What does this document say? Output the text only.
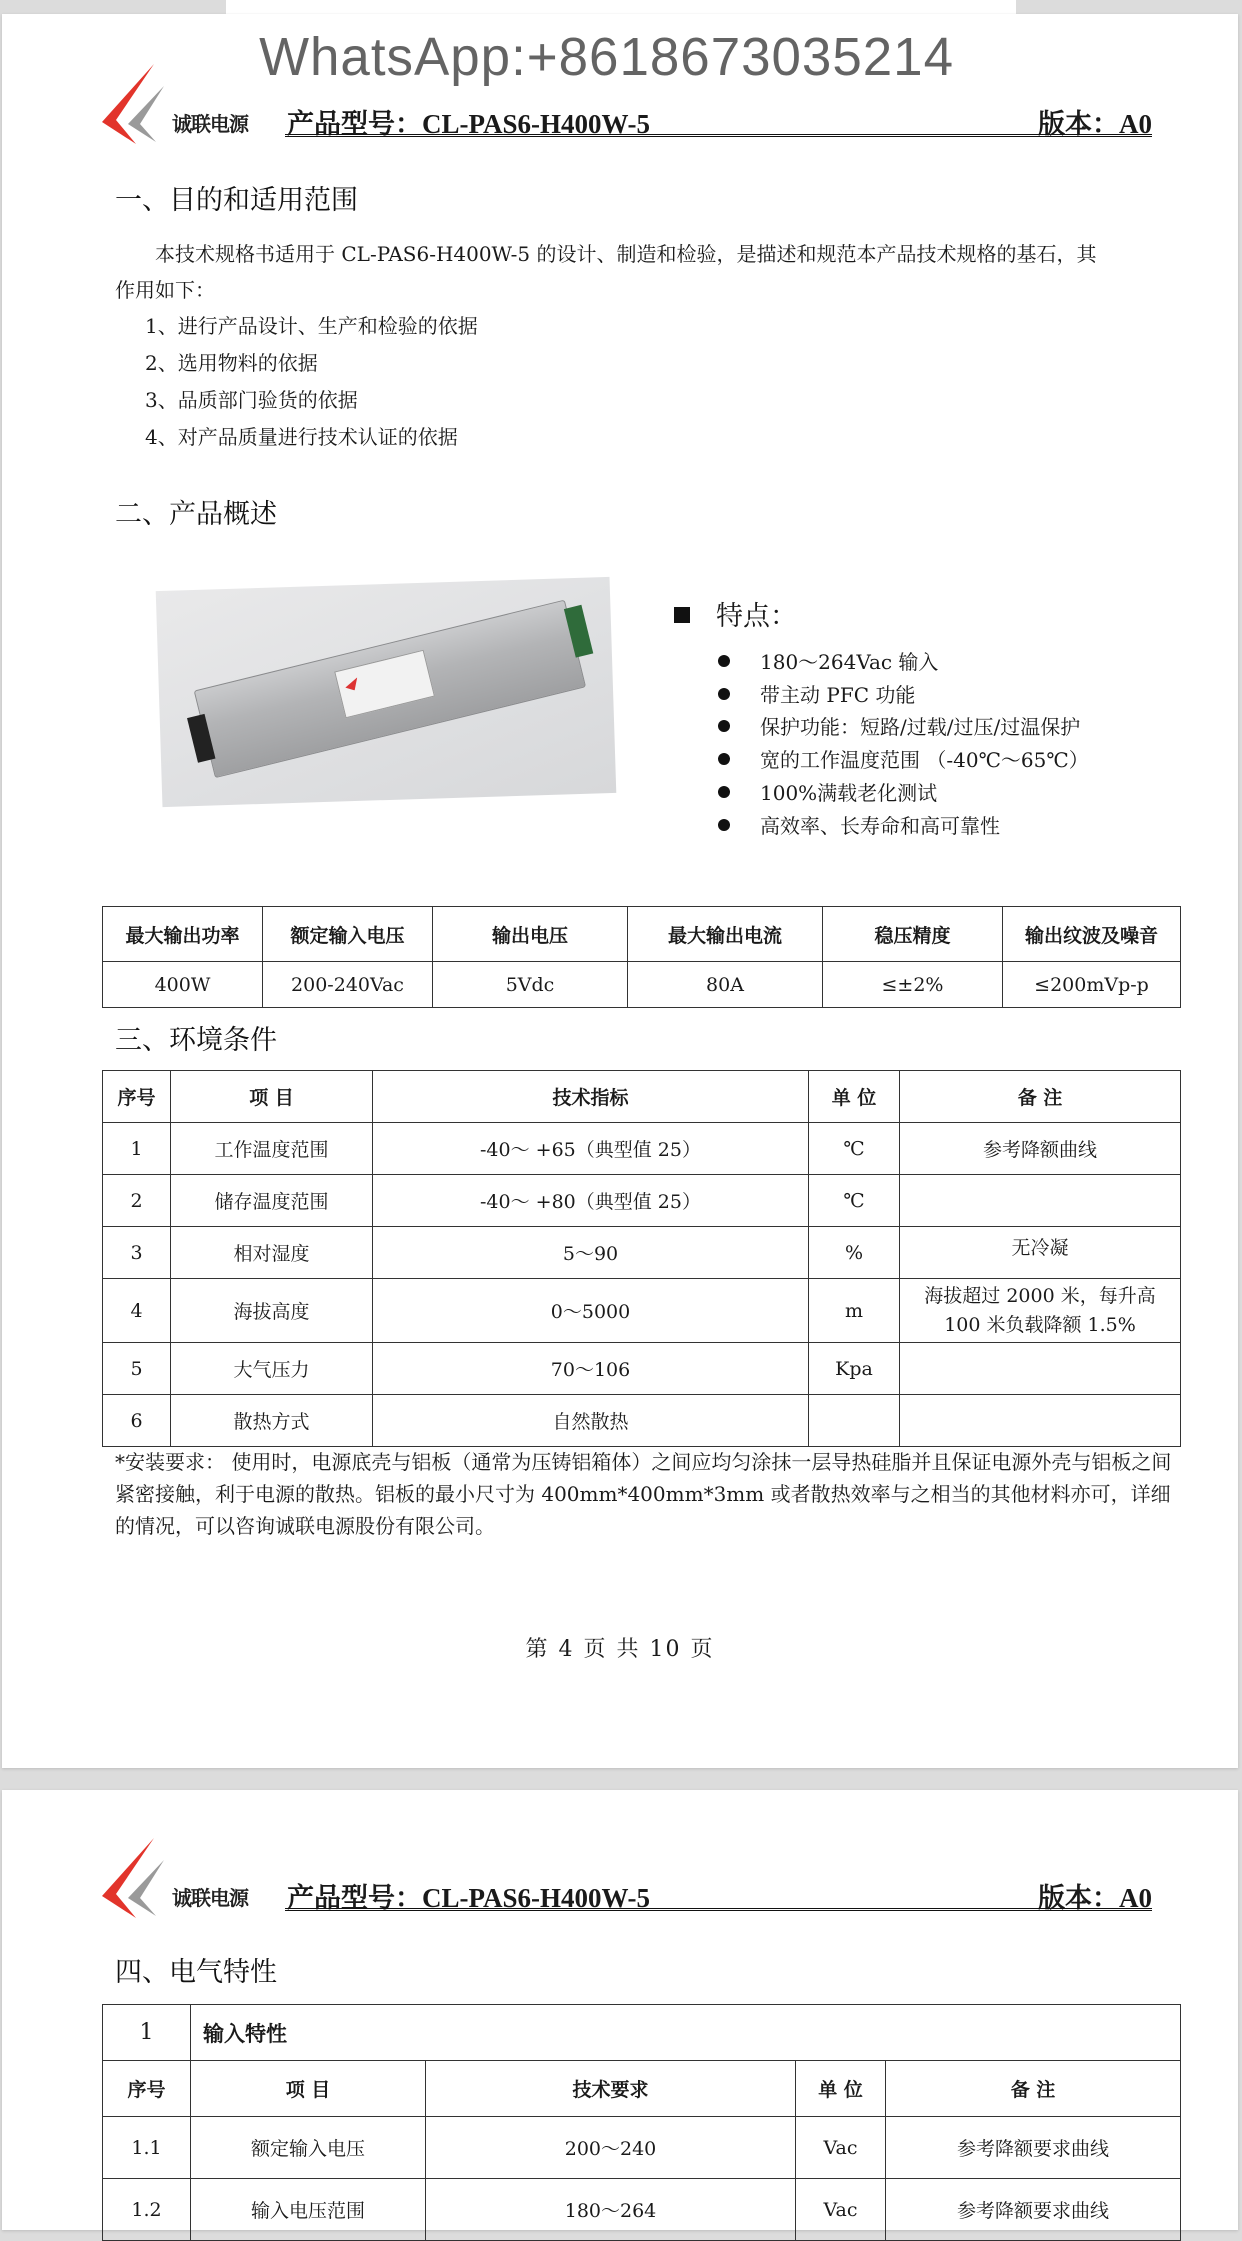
WhatsApp:+8618673035214
诚联电源 产品型号：CL-PAS6-H400W-5	版本：A0
一、目的和适用范围
本技术规格书适用于 CL-PAS6-H400W-5 的设计、制造和检验，是描述和规范本产品技术规格的基石，其
作用如下：
1、进行产品设计、生产和检验的依据
2、选用物料的依据
3、品质部门验货的依据
4、对产品质量进行技术认证的依据
二、产品概述
特点：
180～264Vac 输入
带主动 PFC 功能
保护功能：短路/过载/过压/过温保护
宽的工作温度范围 （-40℃～65℃）
100%满载老化测试
高效率、长寿命和高可靠性
最大输出功率	额定输入电压	输出电压	最大输出电流	稳压精度	输出纹波及噪音
400W	200-240Vac	5Vdc	80A	≤±2%	≤200mVp-p
三、环境条件
序号	项 目	技术指标	单 位	备 注
1	工作温度范围	-40～ +65（典型值 25）	℃	参考降额曲线
2	储存温度范围	-40～ +80（典型值 25）	℃	
3	相对湿度	5～90	%	无冷凝
4	海拔高度	0～5000	m	海拔超过 2000 米，每升高 100 米负载降额 1.5%
5	大气压力	70～106	Kpa	
6	散热方式	自然散热		
*安装要求： 使用时，电源底壳与铝板（通常为压铸铝箱体）之间应均匀涂抹一层导热硅脂并且保证电源外壳与铝板之间紧密接触，利于电源的散热。铝板的最小尺寸为 400mm*400mm*3mm 或者散热效率与之相当的其他材料亦可，详细的情况，可以咨询诚联电源股份有限公司。
第 4 页 共 10 页
诚联电源 产品型号：CL-PAS6-H400W-5	版本：A0
四、电气特性
1	输入特性			
序号	项 目	技术要求	单 位	备 注
1.1	额定输入电压	200～240	Vac	参考降额要求曲线
1.2	输入电压范围	180～264	Vac	参考降额要求曲线
